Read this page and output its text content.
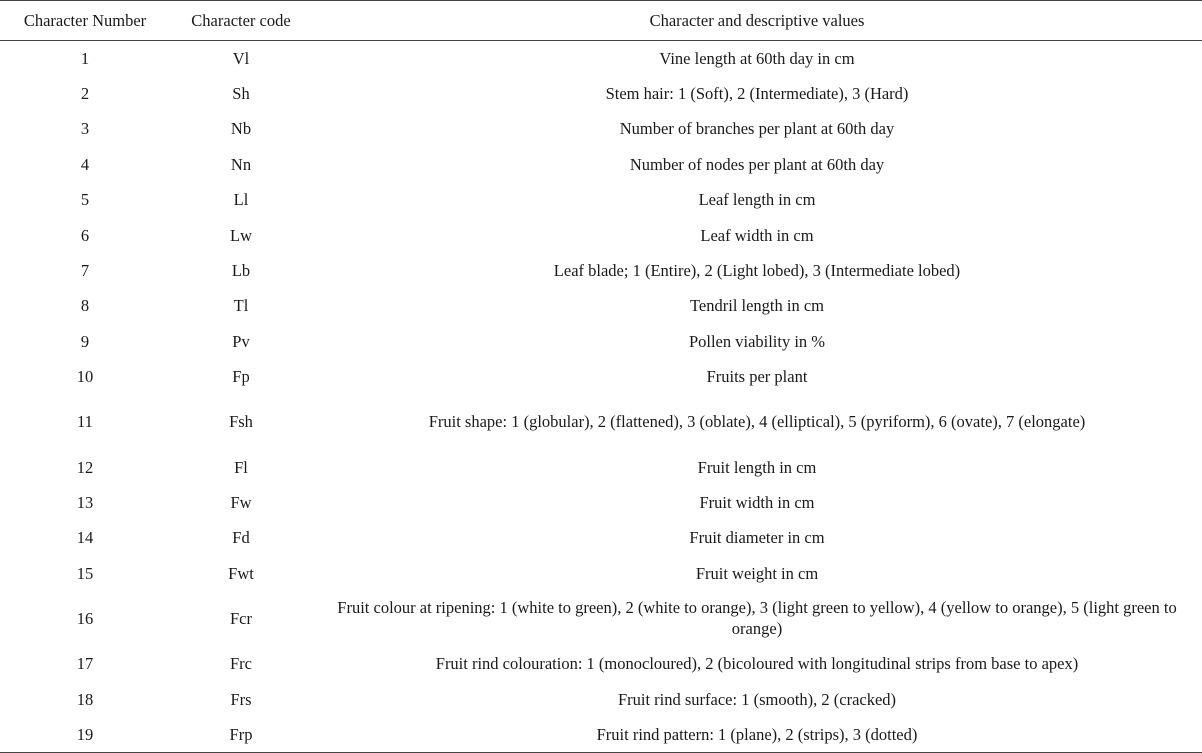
Character Number	Character code	Character and descriptive values
1	Vl	Vine length at 60th day in cm
2	Sh	Stem hair: 1 (Soft), 2 (Intermediate), 3 (Hard)
3	Nb	Number of branches per plant at 60th day
4	Nn	Number of nodes per plant at 60th day
5	Ll	Leaf length in cm
6	Lw	Leaf width in cm
7	Lb	Leaf blade; 1 (Entire), 2 (Light lobed), 3 (Intermediate lobed)
8	Tl	Tendril length in cm
9	Pv	Pollen viability in %
10	Fp	Fruits per plant
11	Fsh	Fruit shape: 1 (globular), 2 (flattened), 3 (oblate), 4 (elliptical), 5 (pyriform), 6 (ovate), 7 (elongate)
12	Fl	Fruit length in cm
13	Fw	Fruit width in cm
14	Fd	Fruit diameter in cm
15	Fwt	Fruit weight in cm
16	Fcr	Fruit colour at ripening: 1 (white to green), 2 (white to orange), 3 (light green to yellow), 4 (yellow to orange), 5 (light green to orange)
17	Frc	Fruit rind colouration: 1 (monocloured), 2 (bicoloured with longitudinal strips from base to apex)
18	Frs	Fruit rind surface: 1 (smooth), 2 (cracked)
19	Frp	Fruit rind pattern: 1 (plane), 2 (strips), 3 (dotted)
